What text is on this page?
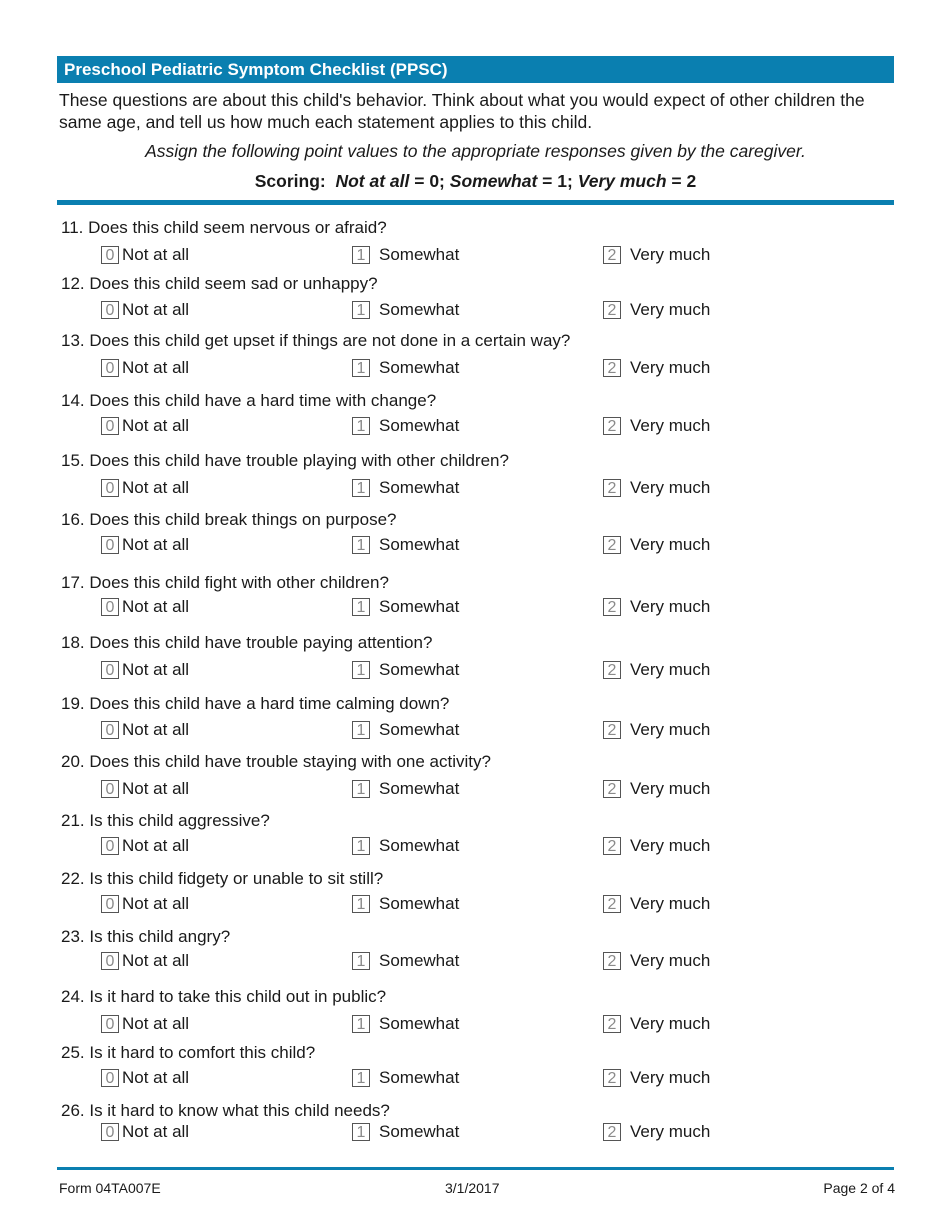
Preschool Pediatric Symptom Checklist (PPSC)

These questions are about this child's behavior. Think about what you would expect of other children the same age, and tell us how much each statement applies to this child.

Assign the following point values to the appropriate responses given by the caregiver.

Scoring: Not at all = 0; Somewhat = 1; Very much = 2

11. Does this child seem nervous or afraid?
0 Not at all	1 Somewhat	2 Very much
12. Does this child seem sad or unhappy?
0 Not at all	1 Somewhat	2 Very much
13. Does this child get upset if things are not done in a certain way?
0 Not at all	1 Somewhat	2 Very much
14. Does this child have a hard time with change?
0 Not at all	1 Somewhat	2 Very much
15. Does this child have trouble playing with other children?
0 Not at all	1 Somewhat	2 Very much
16. Does this child break things on purpose?
0 Not at all	1 Somewhat	2 Very much
17. Does this child fight with other children?
0 Not at all	1 Somewhat	2 Very much
18. Does this child have trouble paying attention?
0 Not at all	1 Somewhat	2 Very much
19. Does this child have a hard time calming down?
0 Not at all	1 Somewhat	2 Very much
20. Does this child have trouble staying with one activity?
0 Not at all	1 Somewhat	2 Very much
21. Is this child aggressive?
0 Not at all	1 Somewhat	2 Very much
22. Is this child fidgety or unable to sit still?
0 Not at all	1 Somewhat	2 Very much
23. Is this child angry?
0 Not at all	1 Somewhat	2 Very much
24. Is it hard to take this child out in public?
0 Not at all	1 Somewhat	2 Very much
25. Is it hard to comfort this child?
0 Not at all	1 Somewhat	2 Very much
26. Is it hard to know what this child needs?
0 Not at all	1 Somewhat	2 Very much
Form 04TA007E	3/1/2017	Page 2 of 4
